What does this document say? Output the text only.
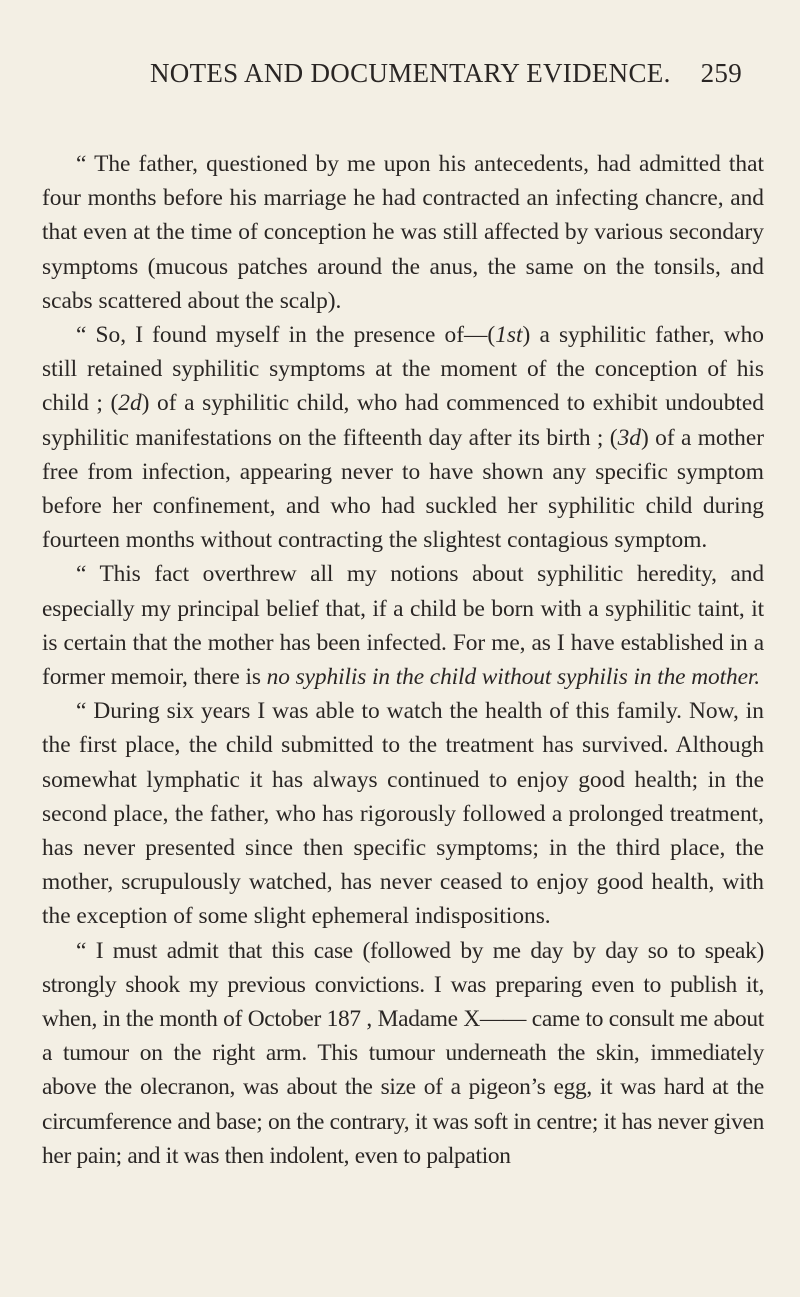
NOTES AND DOCUMENTARY EVIDENCE. 259

“ The father, questioned by me upon his antecedents, had admitted that four months before his marriage he had contracted an infecting chancre, and that even at the time of conception he was still affected by various secondary symptoms (mucous patches around the anus, the same on the tonsils, and scabs scattered about the scalp).

“ So, I found myself in the presence of—(1st) a syphilitic father, who still retained syphilitic symptoms at the moment of the conception of his child ; (2d) of a syphilitic child, who had commenced to exhibit undoubted syphilitic manifestations on the fifteenth day after its birth ; (3d) of a mother free from infection, appearing never to have shown any specific symptom before her confinement, and who had suckled her syphilitic child during fourteen months without contracting the slightest contagious symptom.

“ This fact overthrew all my notions about syphilitic heredity, and especially my principal belief that, if a child be born with a syphilitic taint, it is certain that the mother has been infected. For me, as I have established in a former memoir, there is no syphilis in the child without syphilis in the mother.

“ During six years I was able to watch the health of this family. Now, in the first place, the child submitted to the treatment has survived. Although somewhat lymphatic it has always continued to enjoy good health; in the second place, the father, who has rigorously followed a prolonged treatment, has never presented since then specific symptoms; in the third place, the mother, scrupulously watched, has never ceased to enjoy good health, with the exception of some slight ephemeral indispositions.

“ I must admit that this case (followed by me day by day so to speak) strongly shook my previous convictions. I was preparing even to publish it, when, in the month of October 187 , Madame X—— came to consult me about a tumour on the right arm. This tumour underneath the skin, immediately above the olecranon, was about the size of a pigeon’s egg, it was hard at the circumference and base; on the contrary, it was soft in centre; it has never given her pain; and it was then indolent, even to palpation
